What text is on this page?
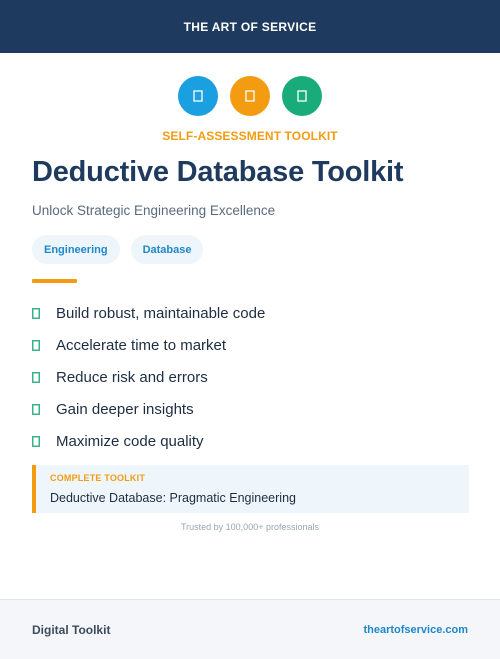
THE ART OF SERVICE
SELF-ASSESSMENT TOOLKIT
Deductive Database Toolkit

Unlock Strategic Engineering Excellence

Engineering	Database
Build robust, maintainable code
Accelerate time to market
Reduce risk and errors
Gain deeper insights
Maximize code quality
COMPLETE TOOLKIT
Deductive Database: Pragmatic Engineering
Trusted by 100,000+ professionals
Digital Toolkit	theartofservice.com
